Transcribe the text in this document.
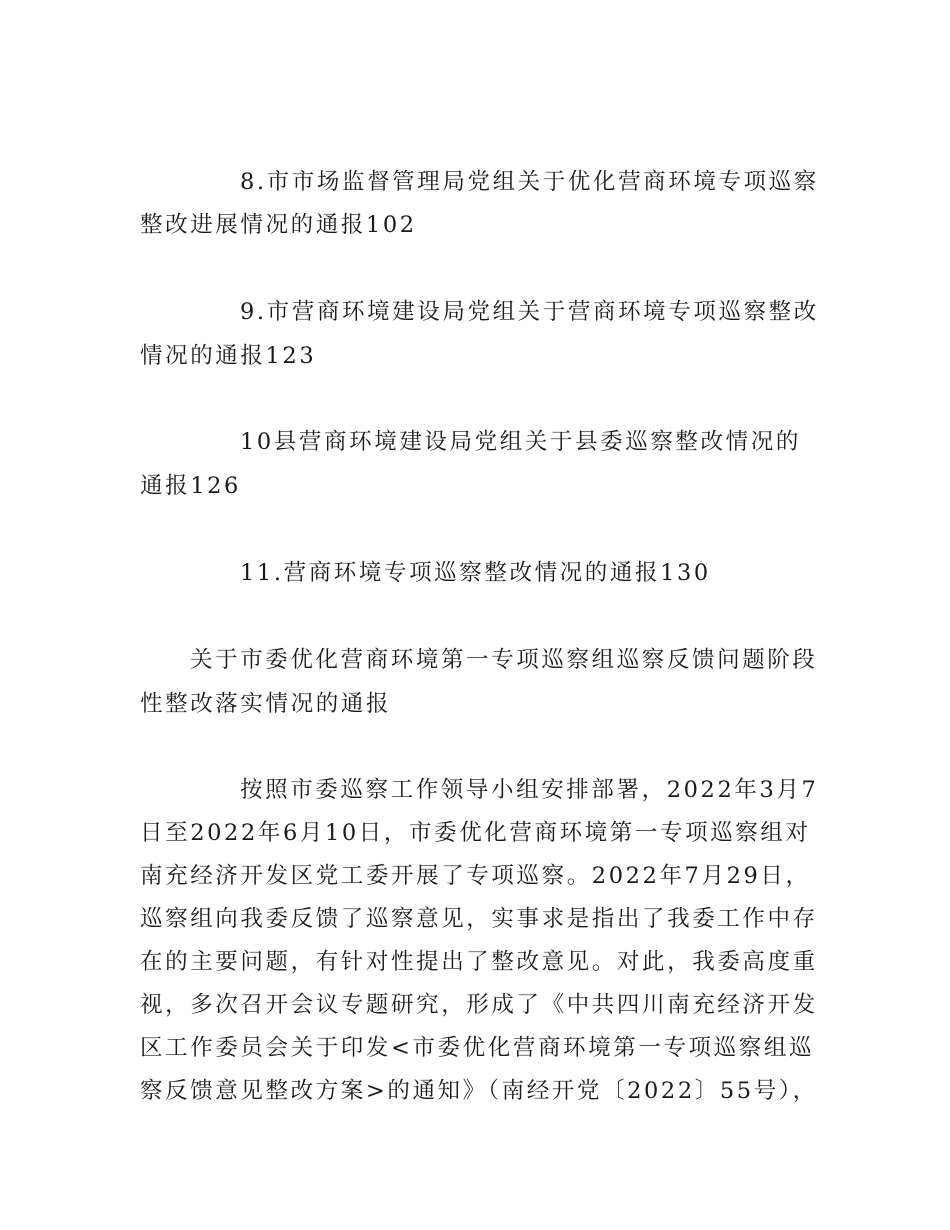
8.市市场监督管理局党组关于优化营商环境专项巡察
整改进展情况的通报102
9.市营商环境建设局党组关于营商环境专项巡察整改
情况的通报123
10县营商环境建设局党组关于县委巡察整改情况的
通报126
11.营商环境专项巡察整改情况的通报130
关于市委优化营商环境第一专项巡察组巡察反馈问题阶段
性整改落实情况的通报
按照市委巡察工作领导小组安排部署，2022年3月7
日至2022年6月10日，市委优化营商环境第一专项巡察组对
南充经济开发区党工委开展了专项巡察。2022年7月29日，
巡察组向我委反馈了巡察意见，实事求是指出了我委工作中存
在的主要问题，有针对性提出了整改意见。对此，我委高度重
视，多次召开会议专题研究，形成了《中共四川南充经济开发
区工作委员会关于印发<市委优化营商环境第一专项巡察组巡
察反馈意见整改方案>的通知》（南经开党〔2022〕55号），
